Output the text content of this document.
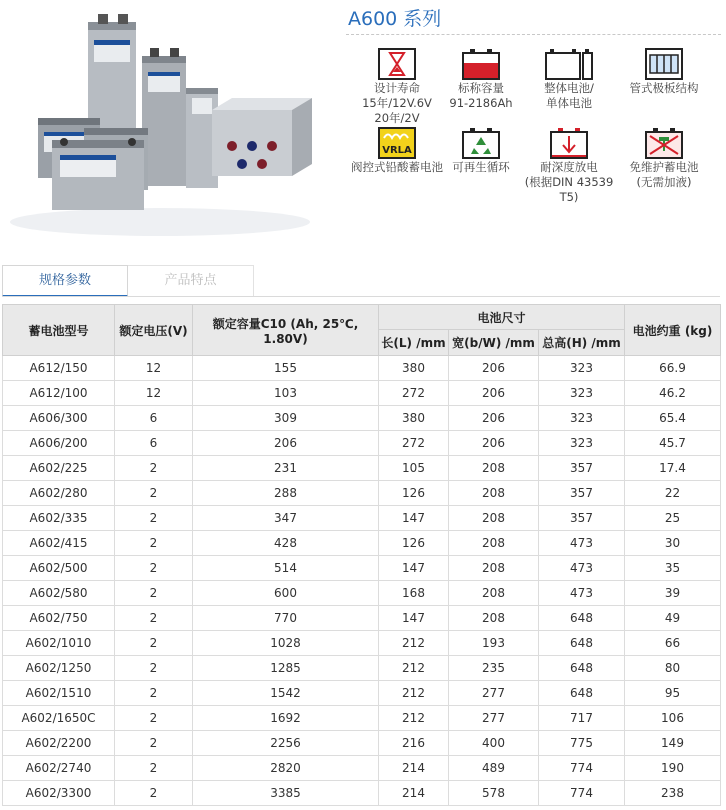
A600 系列
设计寿命
15年/12V.6V
20年/2V
标称容量
91-2186Ah
整体电池/
单体电池
管式极板结构
VRLA
阀控式铅酸蓄电池 可再生循环	耐深度放电
(根据DIN 43539 T5)
免维护蓄电池
(无需加液)
规格参数	产品特点
蓄电池型号	额定电压(V)	额定容量C10 (Ah, 25℃, 1.80V)	电池尺寸			电池约重 (kg)
			长(L) /mm	宽(b/W) /mm	总高(H) /mm	
A612/150	12	155	380	206	323	66.9
A612/100	12	103	272	206	323	46.2
A606/300	6	309	380	206	323	65.4
A606/200	6	206	272	206	323	45.7
A602/225	2	231	105	208	357	17.4
A602/280	2	288	126	208	357	22
A602/335	2	347	147	208	357	25
A602/415	2	428	126	208	473	30
A602/500	2	514	147	208	473	35
A602/580	2	600	168	208	473	39
A602/750	2	770	147	208	648	49
A602/1010	2	1028	212	193	648	66
A602/1250	2	1285	212	235	648	80
A602/1510	2	1542	212	277	648	95
A602/1650C	2	1692	212	277	717	106
A602/2200	2	2256	216	400	775	149
A602/2740	2	2820	214	489	774	190
A602/3300	2	3385	214	578	774	238
